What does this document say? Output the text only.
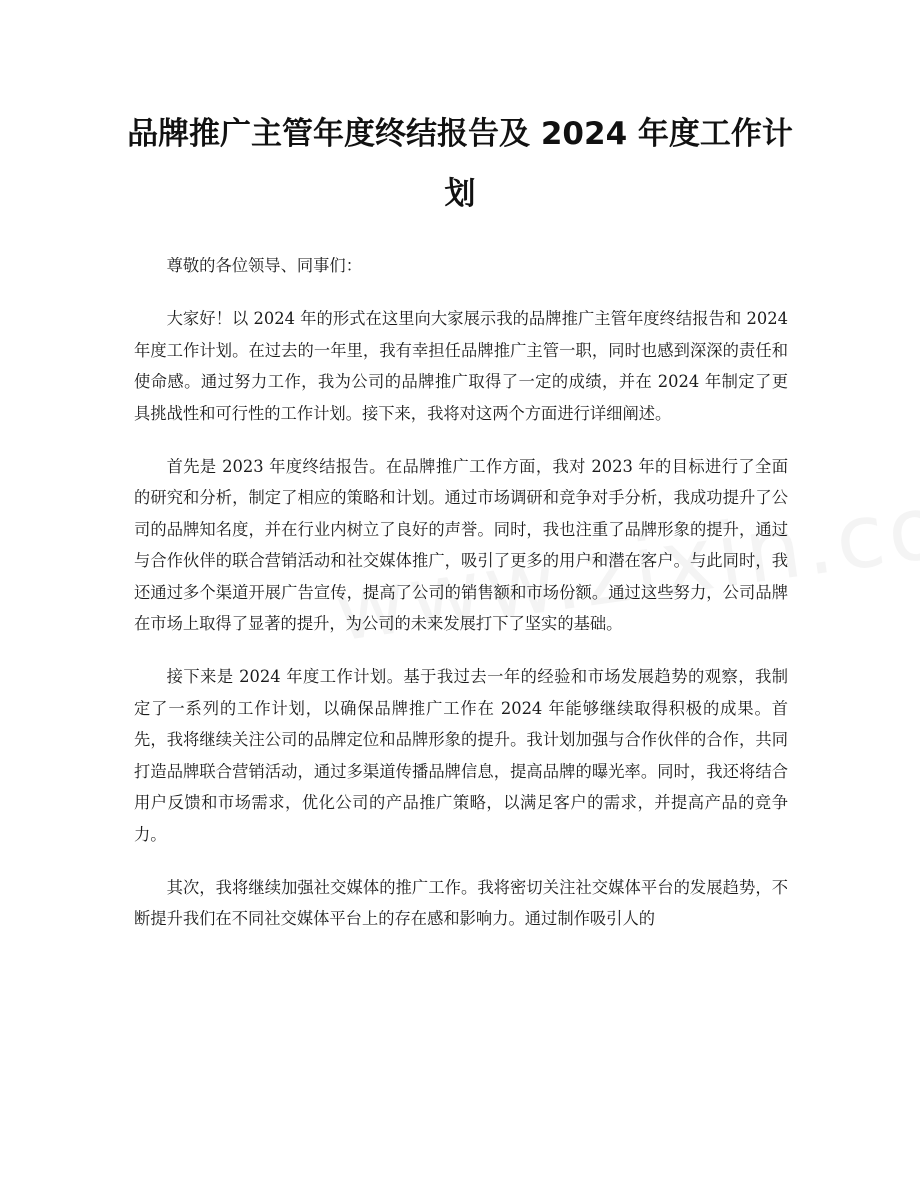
品牌推广主管年度终结报告及 2024 年度工作计划

尊敬的各位领导、同事们：

大家好！以 2024 年的形式在这里向大家展示我的品牌推广主管年度终结报告和 2024 年度工作计划。在过去的一年里，我有幸担任品牌推广主管一职，同时也感到深深的责任和使命感。通过努力工作，我为公司的品牌推广取得了一定的成绩，并在 2024 年制定了更具挑战性和可行性的工作计划。接下来，我将对这两个方面进行详细阐述。

首先是 2023 年度终结报告。在品牌推广工作方面，我对 2023 年的目标进行了全面的研究和分析，制定了相应的策略和计划。通过市场调研和竞争对手分析，我成功提升了公司的品牌知名度，并在行业内树立了良好的声誉。同时，我也注重了品牌形象的提升，通过与合作伙伴的联合营销活动和社交媒体推广，吸引了更多的用户和潜在客户。与此同时，我还通过多个渠道开展广告宣传，提高了公司的销售额和市场份额。通过这些努力，公司品牌在市场上取得了显著的提升，为公司的未来发展打下了坚实的基础。

接下来是 2024 年度工作计划。基于我过去一年的经验和市场发展趋势的观察，我制定了一系列的工作计划，以确保品牌推广工作在 2024 年能够继续取得积极的成果。首先，我将继续关注公司的品牌定位和品牌形象的提升。我计划加强与合作伙伴的合作，共同打造品牌联合营销活动，通过多渠道传播品牌信息，提高品牌的曝光率。同时，我还将结合用户反馈和市场需求，优化公司的产品推广策略，以满足客户的需求，并提高产品的竞争力。

其次，我将继续加强社交媒体的推广工作。我将密切关注社交媒体平台的发展趋势，不断提升我们在不同社交媒体平台上的存在感和影响力。通过制作吸引人的
